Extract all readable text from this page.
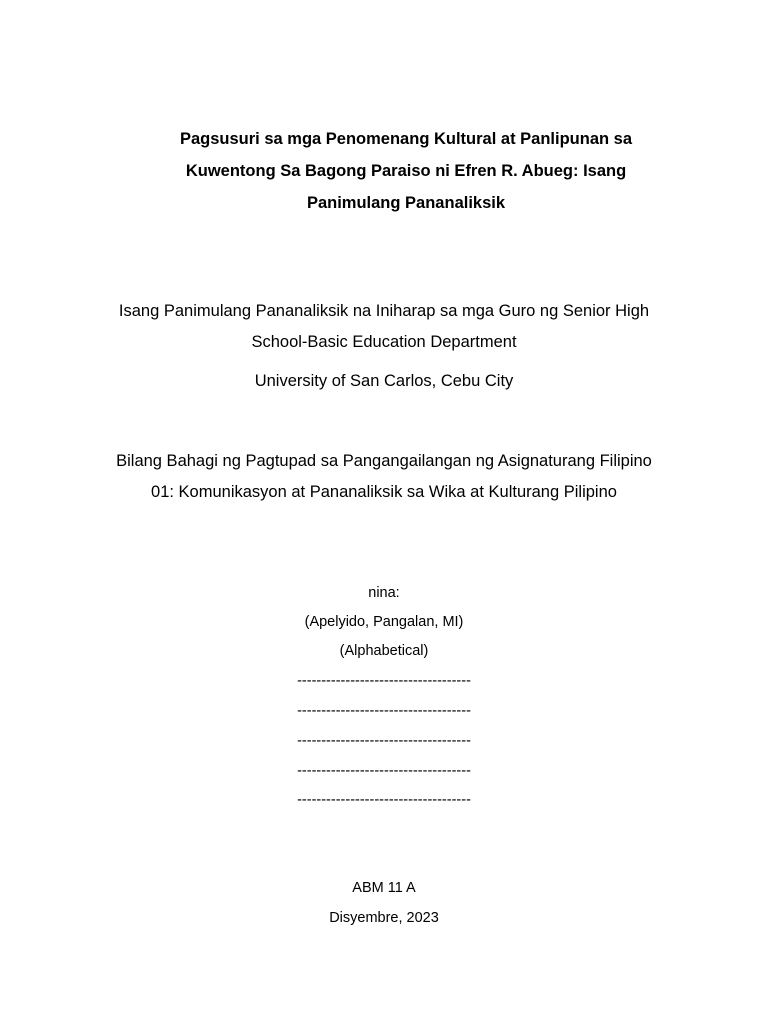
Pagsusuri sa mga Penomenang Kultural at Panlipunan sa
Kuwentong Sa Bagong Paraiso ni Efren R. Abueg: Isang
Panimulang Pananaliksik
Isang Panimulang Pananaliksik na Iniharap sa mga Guro ng Senior High
School-Basic Education Department
University of San Carlos, Cebu City
Bilang Bahagi ng Pagtupad sa Pangangailangan ng Asignaturang Filipino
01: Komunikasyon at Pananaliksik sa Wika at Kulturang Pilipino
nina:
(Apelyido, Pangalan, MI)
(Alphabetical)
------------------------------------
------------------------------------
------------------------------------
------------------------------------
------------------------------------
ABM 11 A
Disyembre, 2023
